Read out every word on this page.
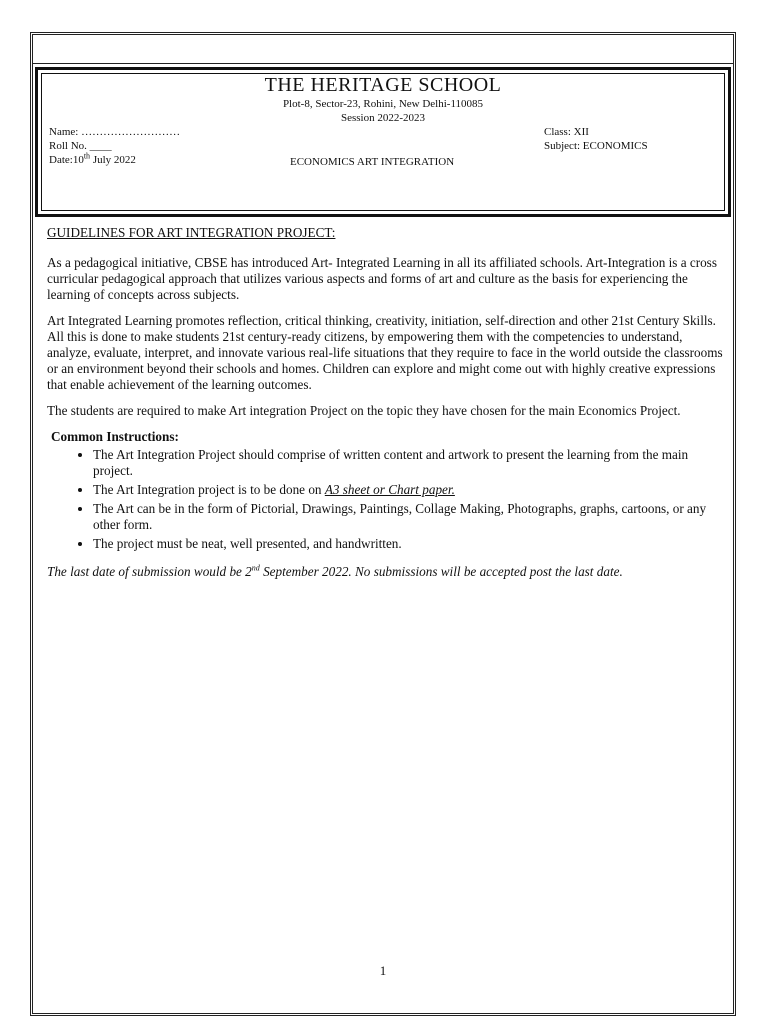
THE HERITAGE SCHOOL
Plot-8, Sector-23, Rohini, New Delhi-110085
Session 2022-2023
Name: ………………………
Roll No. ____
Date:10th July 2022
Class: XII
Subject: ECONOMICS
ECONOMICS ART INTEGRATION

GUIDELINES FOR ART INTEGRATION PROJECT:

As a pedagogical initiative, CBSE has introduced Art- Integrated Learning in all its affiliated schools. Art-Integration is a cross curricular pedagogical approach that utilizes various aspects and forms of art and culture as the basis for experiencing the learning of concepts across subjects.

Art Integrated Learning promotes reflection, critical thinking, creativity, initiation, self-direction and other 21st Century Skills. All this is done to make students 21st century-ready citizens, by empowering them with the competencies to understand, analyze, evaluate, interpret, and innovate various real-life situations that they require to face in the world outside the classrooms or an environment beyond their schools and homes. Children can explore and might come out with highly creative expressions that enable achievement of the learning outcomes.

The students are required to make Art integration Project on the topic they have chosen for the main Economics Project.

Common Instructions:

• The Art Integration Project should comprise of written content and artwork to present the learning from the main project.
• The Art Integration project is to be done on A3 sheet or Chart paper.
• The Art can be in the form of Pictorial, Drawings, Paintings, Collage Making, Photographs, graphs, cartoons, or any other form.
• The project must be neat, well presented, and handwritten.

The last date of submission would be 2nd September 2022. No submissions will be accepted post the last date.

1
